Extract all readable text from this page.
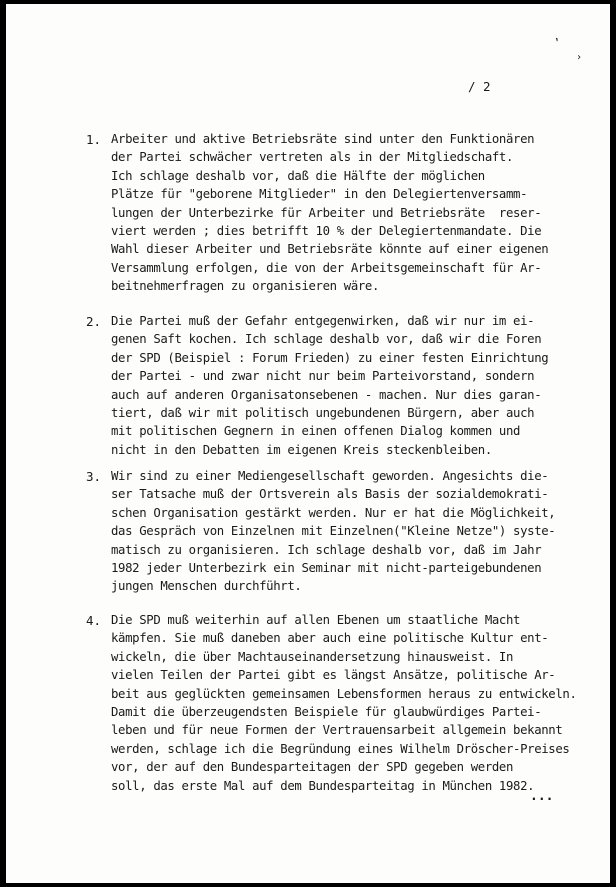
,
›
/ 2
1. Arbeiter und aktive Betriebsräte sind unter den Funktionären
der Partei schwächer vertreten als in der Mitgliedschaft.
Ich schlage deshalb vor, daß die Hälfte der möglichen
Plätze für "geborene Mitglieder" in den Delegiertenversamm-
lungen der Unterbezirke für Arbeiter und Betriebsräte  reser-
viert werden ; dies betrifft 10 % der Delegiertenmandate. Die
Wahl dieser Arbeiter und Betriebsräte könnte auf einer eigenen
Versammlung erfolgen, die von der Arbeitsgemeinschaft für Ar-
beitnehmerfragen zu organisieren wäre.
2. Die Partei muß der Gefahr entgegenwirken, daß wir nur im ei-
genen Saft kochen. Ich schlage deshalb vor, daß wir die Foren
der SPD (Beispiel : Forum Frieden) zu einer festen Einrichtung
der Partei - und zwar nicht nur beim Parteivorstand, sondern
auch auf anderen Organisatonsebenen - machen. Nur dies garan-
tiert, daß wir mit politisch ungebundenen Bürgern, aber auch
mit politischen Gegnern in einen offenen Dialog kommen und
nicht in den Debatten im eigenen Kreis steckenbleiben.
3. Wir sind zu einer Mediengesellschaft geworden. Angesichts die-
ser Tatsache muß der Ortsverein als Basis der sozialdemokrati-
schen Organisation gestärkt werden. Nur er hat die Möglichkeit,
das Gespräch von Einzelnen mit Einzelnen("Kleine Netze") syste-
matisch zu organisieren. Ich schlage deshalb vor, daß im Jahr
1982 jeder Unterbezirk ein Seminar mit nicht-parteigebundenen
jungen Menschen durchführt.
4. Die SPD muß weiterhin auf allen Ebenen um staatliche Macht
kämpfen. Sie muß daneben aber auch eine politische Kultur ent-
wickeln, die über Machtauseinandersetzung hinausweist. In
vielen Teilen der Partei gibt es längst Ansätze, politische Ar-
beit aus geglückten gemeinsamen Lebensformen heraus zu entwickeln.
Damit die überzeugendsten Beispiele für glaubwürdiges Partei-
leben und für neue Formen der Vertrauensarbeit allgemein bekannt
werden, schlage ich die Begründung eines Wilhelm Dröscher-Preises
vor, der auf den Bundesparteitagen der SPD gegeben werden
soll, das erste Mal auf dem Bundesparteitag in München 1982.
...
